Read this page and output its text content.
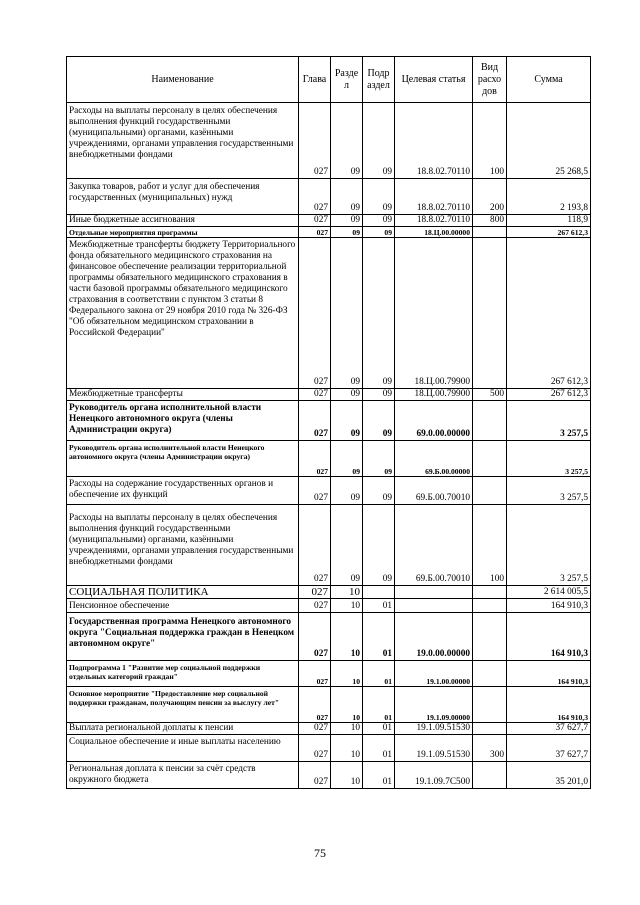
Наименование	Глава	Разде л	Подр аздел	Целевая статья	Вид расхо дов	Сумма
Расходы на выплаты персоналу в целях обеспечения выполнения функций государственными (муниципальными) органами, казёнными учреждениями, органами управления государственными внебюджетными фондами	027	09	09	18.8.02.70110	100	25 268,5
Закупка товаров, работ и услуг для обеспечения государственных (муниципальных) нужд	027	09	09	18.8.02.70110	200	2 193,8
Иные бюджетные ассигнования	027	09	09	18.8.02.70110	800	118,9
Отдельные мероприятия программы	027	09	09	18.Ц.00.00000		267 612,3
Межбюджетные трансферты бюджету Территориального фонда обязательного медицинского страхования на финансовое обеспечение реализации территориальной программы обязательного медицинского страхования в части базовой программы обязательного медицинского страхования в соответствии с пунктом 3 статьи 8 Федерального закона от 29 ноября 2010 года № 326-ФЗ "Об обязательном медицинском страховании в Российской Федерации"	027	09	09	18.Ц.00.79900		267 612,3
Межбюджетные трансферты	027	09	09	18.Ц.00.79900	500	267 612,3
Руководитель органа исполнительной власти Ненецкого автономного округа (члены Администрации округа)	027	09	09	69.0.00.00000		3 257,5
Руководитель органа исполнительной власти Ненецкого автономного округа (члены Администрации округа)	027	09	09	69.Б.00.00000		3 257,5
Расходы на содержание государственных органов и обеспечение их функций	027	09	09	69.Б.00.70010		3 257,5
Расходы на выплаты персоналу в целях обеспечения выполнения функций государственными (муниципальными) органами, казёнными учреждениями, органами управления государственными внебюджетными фондами	027	09	09	69.Б.00.70010	100	3 257,5
СОЦИАЛЬНАЯ ПОЛИТИКА	027	10				2 614 005,5
Пенсионное обеспечение	027	10	01			164 910,3
Государственная программа Ненецкого автономного округа "Социальная поддержка граждан в Ненецком автономном округе"	027	10	01	19.0.00.00000		164 910,3
Подпрограмма 1 "Развитие мер социальной поддержки отдельных категорий граждан"	027	10	01	19.1.00.00000		164 910,3
Основное мероприятие "Предоставление мер социальной поддержки гражданам, получающим пенсии за выслугу лет"	027	10	01	19.1.09.00000		164 910,3
Выплата региональной доплаты к пенсии	027	10	01	19.1.09.51530		37 627,7
Социальное обеспечение и иные выплаты населению	027	10	01	19.1.09.51530	300	37 627,7
Региональная доплата к пенсии за счёт средств окружного бюджета	027	10	01	19.1.09.7С500		35 201,0
75
